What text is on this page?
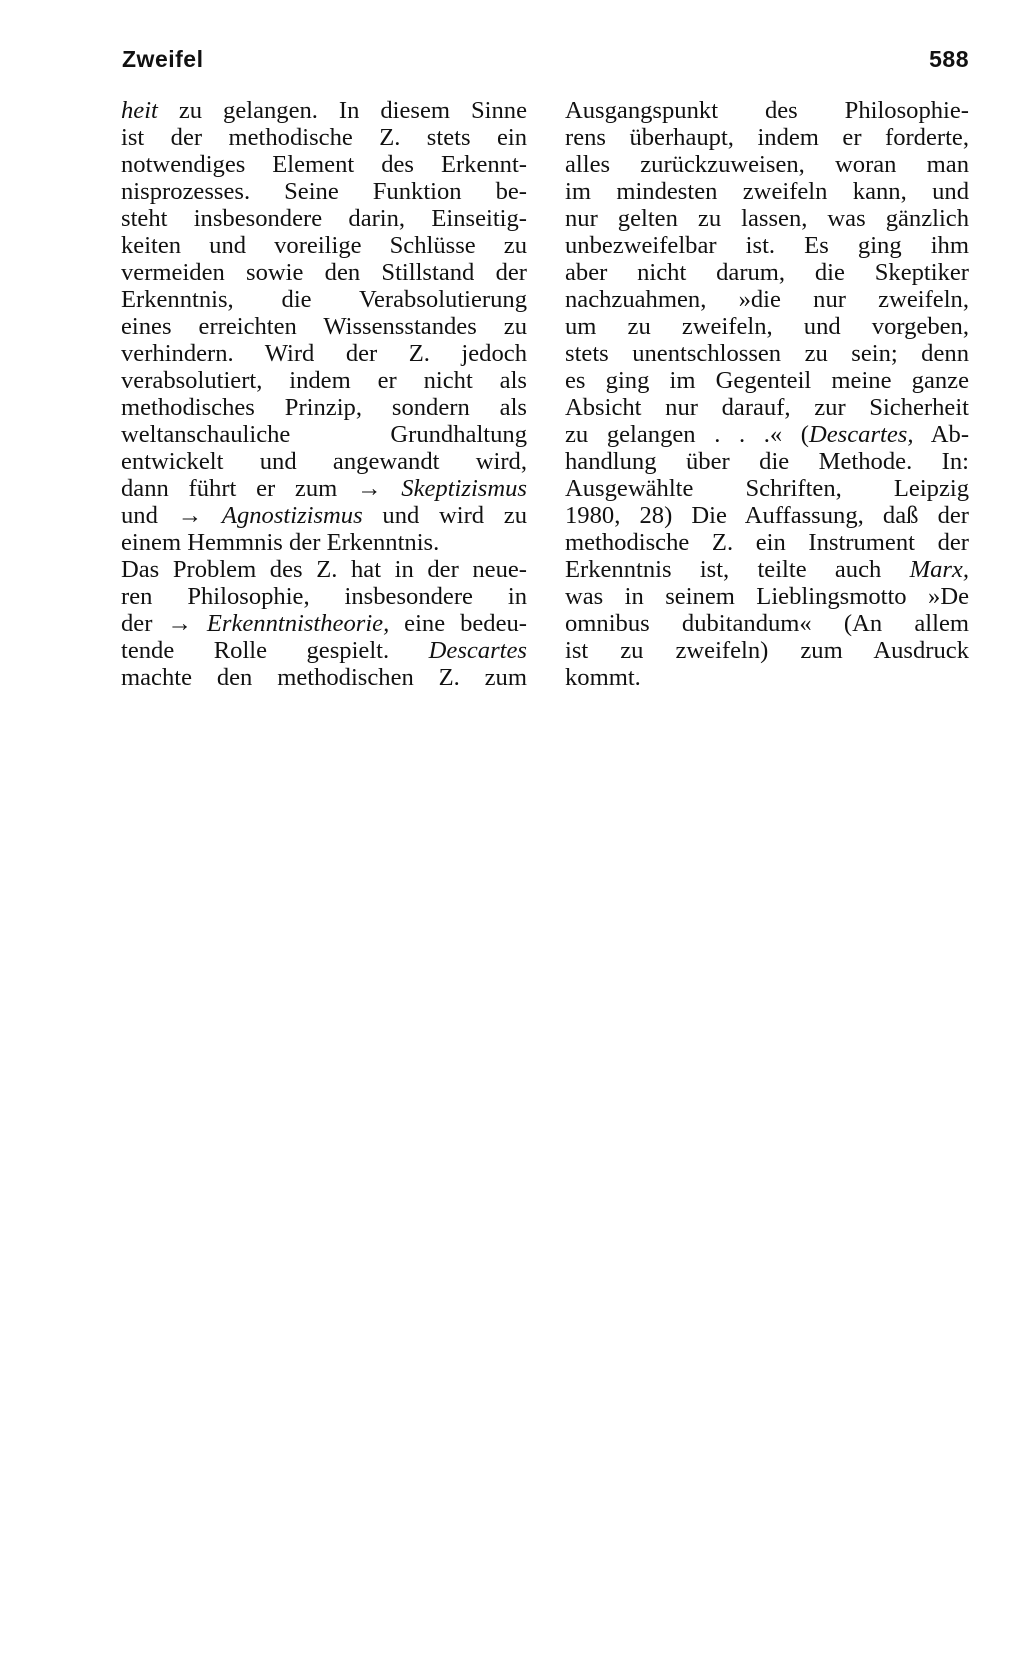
Zweifel	588
heit zu gelangen. In diesem Sinne
ist der methodische Z. stets ein
notwendiges Element des Erkennt-
nisprozesses. Seine Funktion be-
steht insbesondere darin, Einseitig-
keiten und voreilige Schlüsse zu
vermeiden sowie den Stillstand der
Erkenntnis, die Verabsolutierung
eines erreichten Wissensstandes zu
verhindern. Wird der Z. jedoch
verabsolutiert, indem er nicht als
methodisches Prinzip, sondern als
weltanschauliche Grundhaltung
entwickelt und angewandt wird,
dann führt er zum → Skeptizismus
und → Agnostizismus und wird zu
einem Hemmnis der Erkenntnis.
Das Problem des Z. hat in der neue-
ren Philosophie, insbesondere in
der → Erkenntnistheorie, eine bedeu-
tende Rolle gespielt. Descartes
machte den methodischen Z. zum
Ausgangspunkt des Philosophie-
rens überhaupt, indem er forderte,
alles zurückzuweisen, woran man
im mindesten zweifeln kann, und
nur gelten zu lassen, was gänzlich
unbezweifelbar ist. Es ging ihm
aber nicht darum, die Skeptiker
nachzuahmen, »die nur zweifeln,
um zu zweifeln, und vorgeben,
stets unentschlossen zu sein; denn
es ging im Gegenteil meine ganze
Absicht nur darauf, zur Sicherheit
zu gelangen . . .« (Descartes, Ab-
handlung über die Methode. In:
Ausgewählte Schriften, Leipzig
1980, 28) Die Auffassung, daß der
methodische Z. ein Instrument der
Erkenntnis ist, teilte auch Marx,
was in seinem Lieblingsmotto »De
omnibus dubitandum« (An allem
ist zu zweifeln) zum Ausdruck
kommt.
